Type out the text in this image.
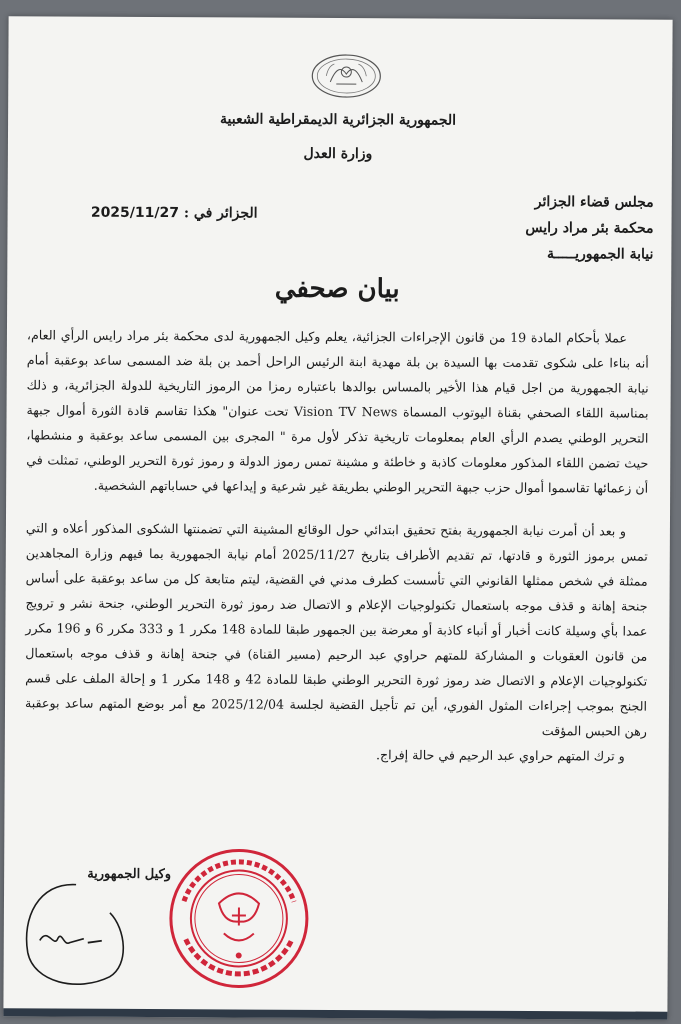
الجمهورية الجزائرية الديمقراطية الشعبية
وزارة العدل
مجلس قضاء الجزائر
محكمة بئر مراد رايس
نيابة الجمهوريـــــة
الجزائر في : 2025/11/27
بيان صحفي

عملا بأحكام المادة 19 من قانون الإجراءات الجزائية، يعلم وكيل الجمهورية لدى محكمة بئر مراد رايس الرأي العام، أنه بناءا على شكوى تقدمت بها السيدة بن بلة مهدية ابنة الرئيس الراحل أحمد بن بلة ضد المسمى ساعد بوعقبة أمام نيابة الجمهورية من اجل قيام هذا الأخير بالمساس بوالدها باعتباره رمزا من الرموز التاريخية للدولة الجزائرية، و ذلك بمناسبة اللقاء الصحفي بقناة اليوتوب المسماة Vision TV News تحت عنوان" هكذا تقاسم قادة الثورة أموال جبهة التحرير الوطني يصدم الرأي العام بمعلومات تاريخية تذكر لأول مرة " المجرى بين المسمى ساعد بوعقبة و منشطها، حيث تضمن اللقاء المذكور معلومات كاذبة و خاطئة و مشينة تمس رموز الدولة و رموز ثورة التحرير الوطني، تمثلت في أن زعمائها تقاسموا أموال حزب جبهة التحرير الوطني بطريقة غير شرعية و إيداعها في حساباتهم الشخصية.

و بعد أن أمرت نيابة الجمهورية بفتح تحقيق ابتدائي حول الوقائع المشينة التي تضمنتها الشكوى المذكور أعلاه و التي تمس برموز الثورة و قادتها، تم تقديم الأطراف بتاريخ 2025/11/27 أمام نيابة الجمهورية بما فيهم وزارة المجاهدين ممثلة في شخص ممثلها القانوني التي تأسست كطرف مدني في القضية، ليتم متابعة كل من ساعد بوعقبة على أساس جنحة إهانة و قذف موجه باستعمال تكنولوجيات الإعلام و الاتصال ضد رموز ثورة التحرير الوطني، جنحة نشر و ترويج عمدا بأي وسيلة كانت أخبار أو أنباء كاذبة أو معرضة بين الجمهور طبقا للمادة 148 مكرر 1 و 333 مكرر 6 و 196 مكرر من قانون العقوبات و المشاركة للمتهم حراوي عبد الرحيم (مسير القناة) في جنحة إهانة و قذف موجه باستعمال تكنولوجيات الإعلام و الاتصال ضد رموز ثورة التحرير الوطني طبقا للمادة 42 و 148 مكرر 1 و إحالة الملف على قسم الجنح بموجب إجراءات المثول الفوري، أين تم تأجيل القضية لجلسة 2025/12/04 مع أمر بوضع المتهم ساعد بوعقبة رهن الحبس المؤقت

و ترك المتهم حراوي عبد الرحيم في حالة إفراج.

وكيل الجمهورية
